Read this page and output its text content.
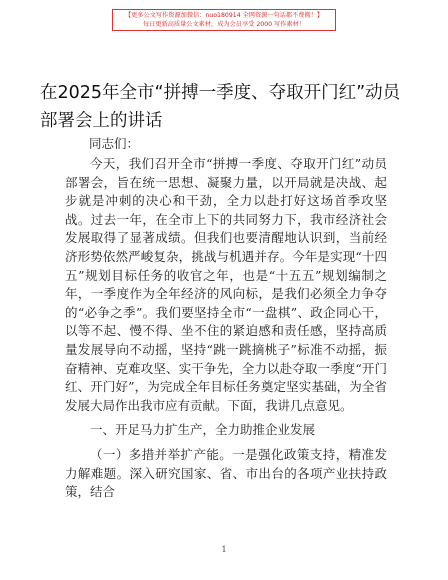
【更多公文写作资源加微信：nuo180914 全网资源一句话都不费搬！】
每日更新高质量公文素材，成为会员享受 2000 写作素材！
在2025年全市“拼搏一季度、夺取开门红”动员部署会上的讲话
同志们：

今天，我们召开全市“拼搏一季度、夺取开门红”动员部署会，旨在统一思想、凝聚力量，以开局就是决战、起步就是冲刺的决心和干劲，全力以赴打好这场首季攻坚战。过去一年，在全市上下的共同努力下，我市经济社会发展取得了显著成绩。但我们也要清醒地认识到，当前经济形势依然严峻复杂，挑战与机遇并存。今年是实现“十四五”规划目标任务的收官之年，也是“十五五”规划编制之年，一季度作为全年经济的风向标，是我们必须全力争夺的“必争之季”。我们要坚持全市“一盘棋”、政企同心干，以等不起、慢不得、坐不住的紧迫感和责任感，坚持高质量发展导向不动摇，坚持“跳一跳摘桃子”标准不动摇，振奋精神、克难攻坚、实干争先，全力以赴夺取一季度“开门红、开门好”，为完成全年目标任务奠定坚实基础，为全省发展大局作出我市应有贡献。下面，我讲几点意见。

一、开足马力扩生产，全力助推企业发展

（一）多措并举扩产能。一是强化政策支持，精准发力解难题。深入研究国家、省、市出台的各项产业扶持政策，结合

1
